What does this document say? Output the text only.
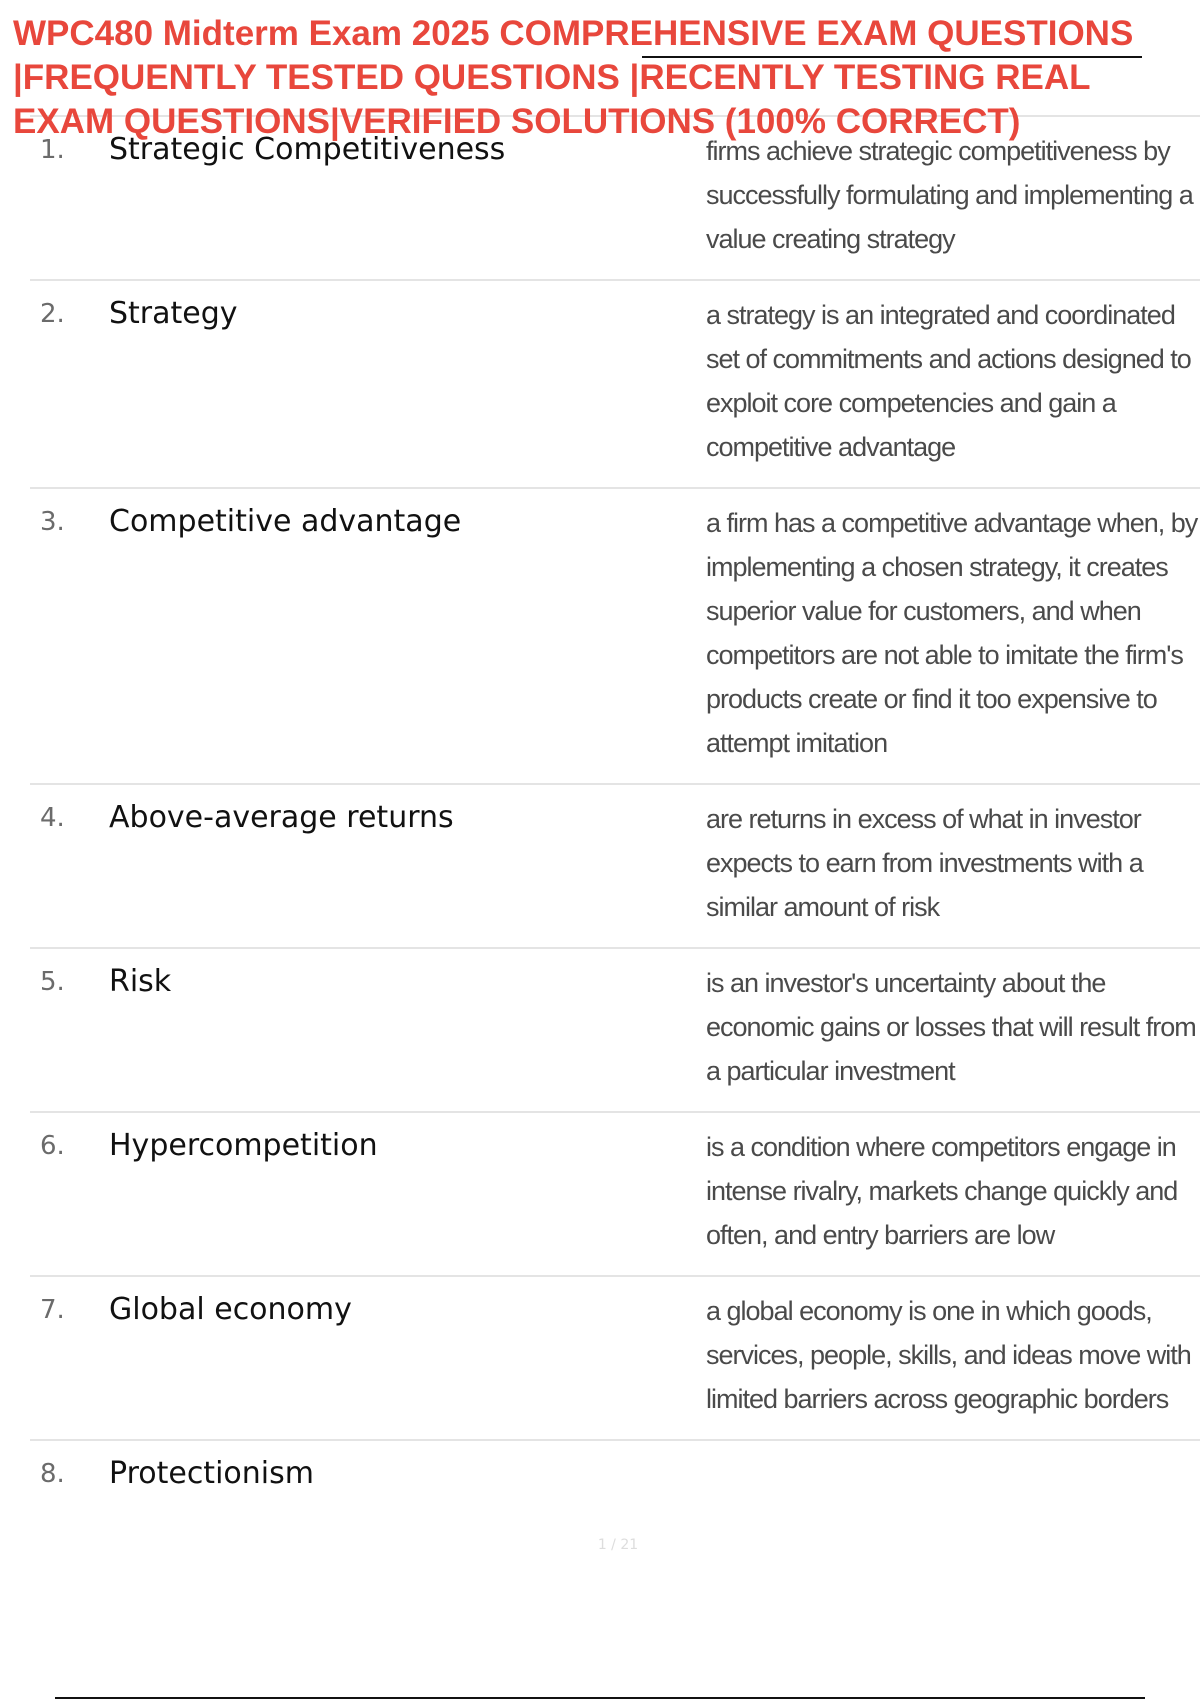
WPC480 Midterm Exam 2025 COMPREHENSIVE EXAM QUESTIONS
|FREQUENTLY TESTED QUESTIONS |RECENTLY TESTING REAL
EXAM QUESTIONS|VERIFIED SOLUTIONS (100% CORRECT)
1. Strategic Competitiveness	firms achieve strategic competitiveness by successfully formulating and implementing a value creating strategy
2. Strategy	a strategy is an integrated and coordinated set of commitments and actions designed to exploit core competencies and gain a competitive advantage
3. Competitive advantage	a firm has a competitive advantage when, by implementing a chosen strategy, it creates superior value for customers, and when competitors are not able to imitate the firm's products create or find it too expensive to attempt imitation
4. Above-average returns	are returns in excess of what in investor expects to earn from investments with a similar amount of risk
5. Risk	is an investor's uncertainty about the economic gains or losses that will result from a particular investment
6. Hypercompetition	is a condition where competitors engage in intense rivalry, markets change quickly and often, and entry barriers are low
7. Global economy	a global economy is one in which goods, services, people, skills, and ideas move with limited barriers across geographic borders
8. Protectionism
1 / 21
